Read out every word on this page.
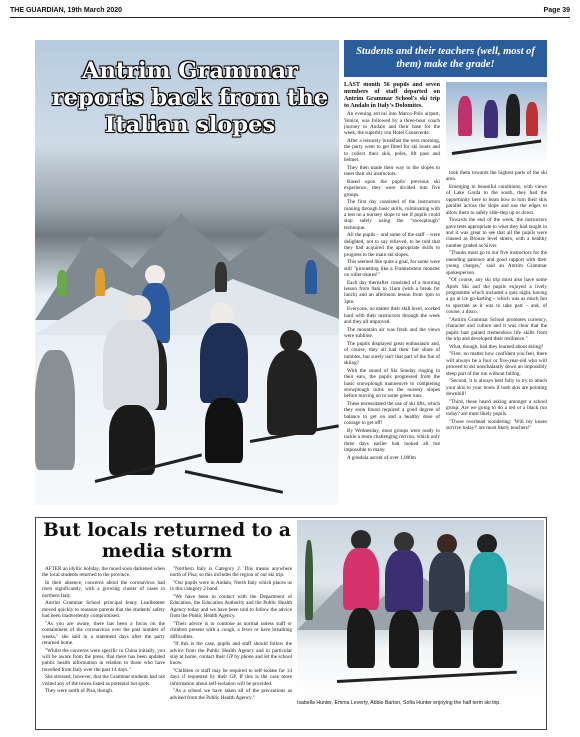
THE GUARDIAN, 19th March 2020	Page 39
Antrim Grammar reports back from the Italian slopes
Students and their teachers (well, most of them) make the grade!

LAST month 56 pupils and seven members of staff departed on Antrim Grammar School's ski trip to Andalo in Italy's Dolomites.

An evening arrival into Marco-Polo airport, Venice, was followed by a three-hour coach journey to Andalo and their base for the week, the superbly run Hotel Costaverde.

After a leisurely breakfast the next morning, the party went to get fitted for ski boots and to collect their skis, poles, lift pass and helmet.

They then made their way to the slopes to meet their ski instructors.

Based upon the pupils' previous ski experience, they were divided into five groups.

The first day consisted of the instructors running through basic skills, culminating with a test on a nursery slope to see if pupils could stop safely using the "snowplough" technique.

All the pupils – and some of the staff – were delighted, not to say relieved, to be told that they had acquired the appropriate skills to progress to the main ski slopes.

This seemed like quite a goal, for some were still "pirouetting like a Frankenstein monster on roller-skates!"

Each day thereafter consisted of a morning lesson from 9am to 11am (with a break for lunch) and an afternoon lesson from 1pm to 3pm.

Everyone, no matter their skill level, worked hard with their instructors through the week and they all improved.

The mountain air was fresh and the views were sublime.

The pupils displayed great enthusiasm and, of course, they all had their fair share of tumbles, but surely isn't that part of the fun of skiing?

With the sound of Ski Sunday ringing in their ears, the pupils progressed from the basic snowplough manoeuvre to completing snowplough turns on the nursery slopes before moving on to some green runs.

These necessitated the use of ski lifts, which they soon found required a good degree of balance to get on and a healthy dose of courage to get off!

By Wednesday, most groups were ready to tackle a more challenging red run, which only three days earlier had looked all but impossible to many.

A gondola ascent of over 1,000m

took them towards the highest parts of the ski area.

Emerging in beautiful conditions, with views of Lake Garda to the south, they had the opportunity here to learn how to turn their skis parallel across the slope and use the edges to allow them to safely side-step up or down.

Towards the end of the week, the instructors gave tests appropriate to what they had taught in and it was great to see that all the pupils were classed as Bronze level skiers, with a healthy number graded as Silver.

"Thanks must go to our five instructors for the unending patience and good rapport with their young charges," said an Antrim Grammar spokesperson.

"Of course, any ski trip must also have some Après Ski and the pupils enjoyed a lively programme which included a quiz night, having a go at ice go-karting – which was as much fun to spectate as it was to take part – and, of course, a disco.

"Antrim Grammar School promotes currency, character and culture and it was clear that the pupils had gained tremendous life skills from the trip and developed their resilience."

What, though, had they learned about skiing?

"First, no matter how confident you feel, there will always be a four or five-year-old who will proceed to ski nonchalantly down an impossibly steep part of the run without falling.

"Second, it is always best fully to try to attach your skis to your boots if both skis are pointing downhill!

"Third, these heard asking amongst a school group: Are we going to do a red or a black run today? are most likely pupils.

"Those overhead wondering: 'Will my knees survive today?' are most likely teachers!"

But locals returned to a media storm

AFTER an idyllic holiday, the mood soon darkened when the local students returned to the province.

In their absence, concerns about the coronavirus had risen significantly, with a growing cluster of cases in northern Italy.

Antrim Grammar School principal Jenny Leadbeatter moved quickly to reassure parents that the students' safety had been inadvertently compromised.

"As you are aware, there has been a focus on the containment of the coronavirus over the past number of weeks," she said in a statement days after the party returned home.

"Whilst the concerns were specific to China initially, you will be aware from the press, that there has been updated public health information in relation to those who have travelled from Italy over the past 14 days."

She stressed, however, that the Grammar students had not visited any of the towns listed as potential hot spots.

They were north of Pisa, though.

"Northern Italy is Category 2. This means anywhere north of Pisa, so this includes the region of our ski trip.

"Our pupils were in Andalo, North Italy which places us in this category 2 band.

"We have been in contact with the Department of Education, the Education Authority and the Public Health Agency today and we have been told to follow the advice from the Public Health Agency.

"Their advice is to continue as normal unless staff or children present with a cough, a fever or have breathing difficulties.

"If this is the case, pupils and staff should follow the advice from the Public Health Agency and in particular stay at home, contact their GP by phone and let the school know.

"Children or staff may be required to self-isolate for 14 days if requested by their GP. If this is the case more information about self-isolation will be provided.

"As a school we have taken all of the precautions as advised from the Public Health Agency."

Isabella Hunter, Emma Leverty, Abbie Barton, Sofia Hunter enjoying the half term ski trip.
